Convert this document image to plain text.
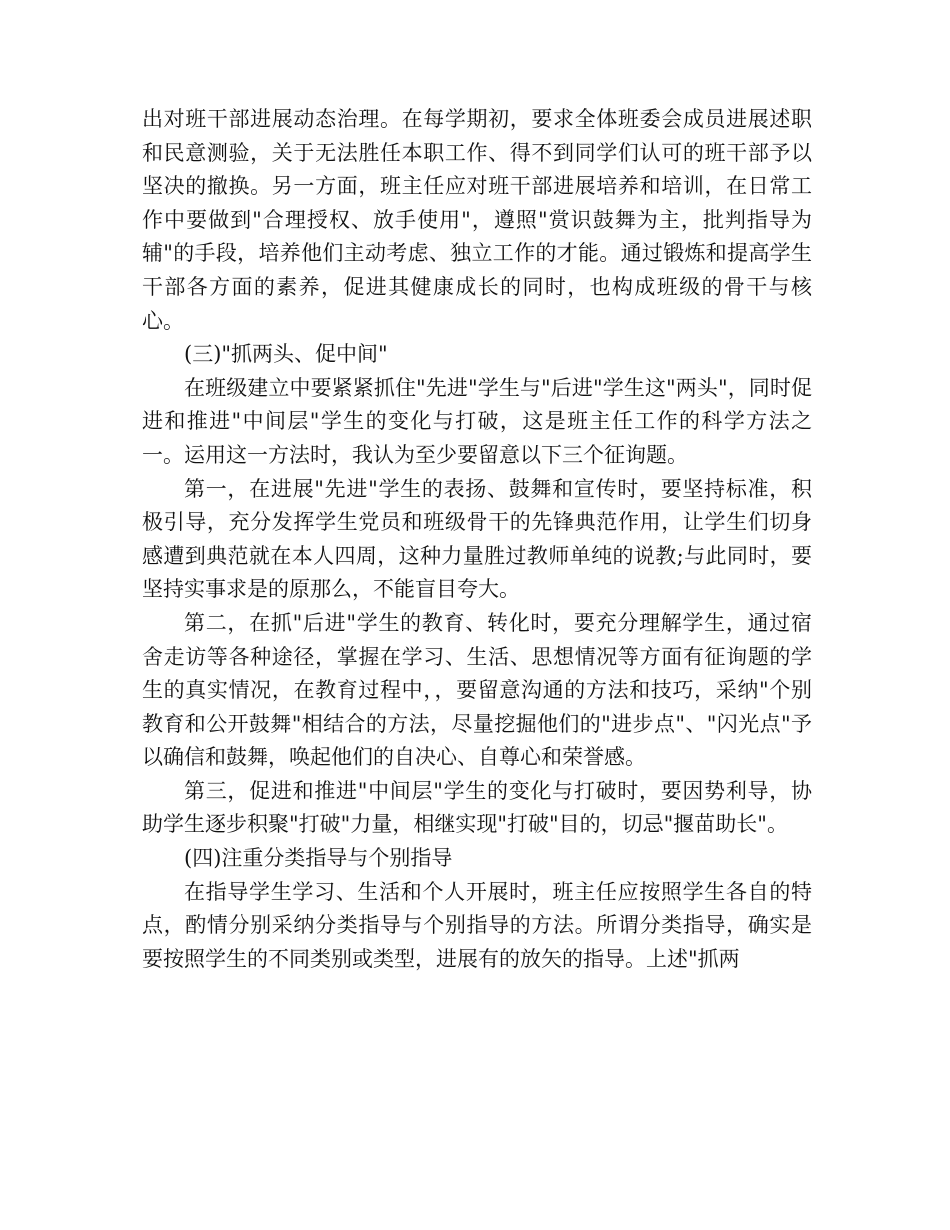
出对班干部进展动态治理。在每学期初，要求全体班委会成员进展述职和民意测验，关于无法胜任本职工作、得不到同学们认可的班干部予以坚决的撤换。另一方面，班主任应对班干部进展培养和培训，在日常工作中要做到"合理授权、放手使用"，遵照"赏识鼓舞为主，批判指导为辅"的手段，培养他们主动考虑、独立工作的才能。通过锻炼和提高学生干部各方面的素养，促进其健康成长的同时，也构成班级的骨干与核心。

(三)"抓两头、促中间"

在班级建立中要紧紧抓住"先进"学生与"后进"学生这"两头"，同时促进和推进"中间层"学生的变化与打破，这是班主任工作的科学方法之一。运用这一方法时，我认为至少要留意以下三个征询题。

第一，在进展"先进"学生的表扬、鼓舞和宣传时，要坚持标准，积极引导，充分发挥学生党员和班级骨干的先锋典范作用，让学生们切身感遭到典范就在本人四周，这种力量胜过教师单纯的说教;与此同时，要坚持实事求是的原那么，不能盲目夸大。

第二，在抓"后进"学生的教育、转化时，要充分理解学生，通过宿舍走访等各种途径，掌握在学习、生活、思想情况等方面有征询题的学生的真实情况，在教育过程中，，要留意沟通的方法和技巧，采纳"个别教育和公开鼓舞"相结合的方法，尽量挖掘他们的"进步点"、"闪光点"予以确信和鼓舞，唤起他们的自决心、自尊心和荣誉感。

第三，促进和推进"中间层"学生的变化与打破时，要因势利导，协助学生逐步积聚"打破"力量，相继实现"打破"目的，切忌"揠苗助长"。

(四)注重分类指导与个别指导

在指导学生学习、生活和个人开展时，班主任应按照学生各自的特点，酌情分别采纳分类指导与个别指导的方法。所谓分类指导，确实是要按照学生的不同类别或类型，进展有的放矢的指导。上述"抓两
